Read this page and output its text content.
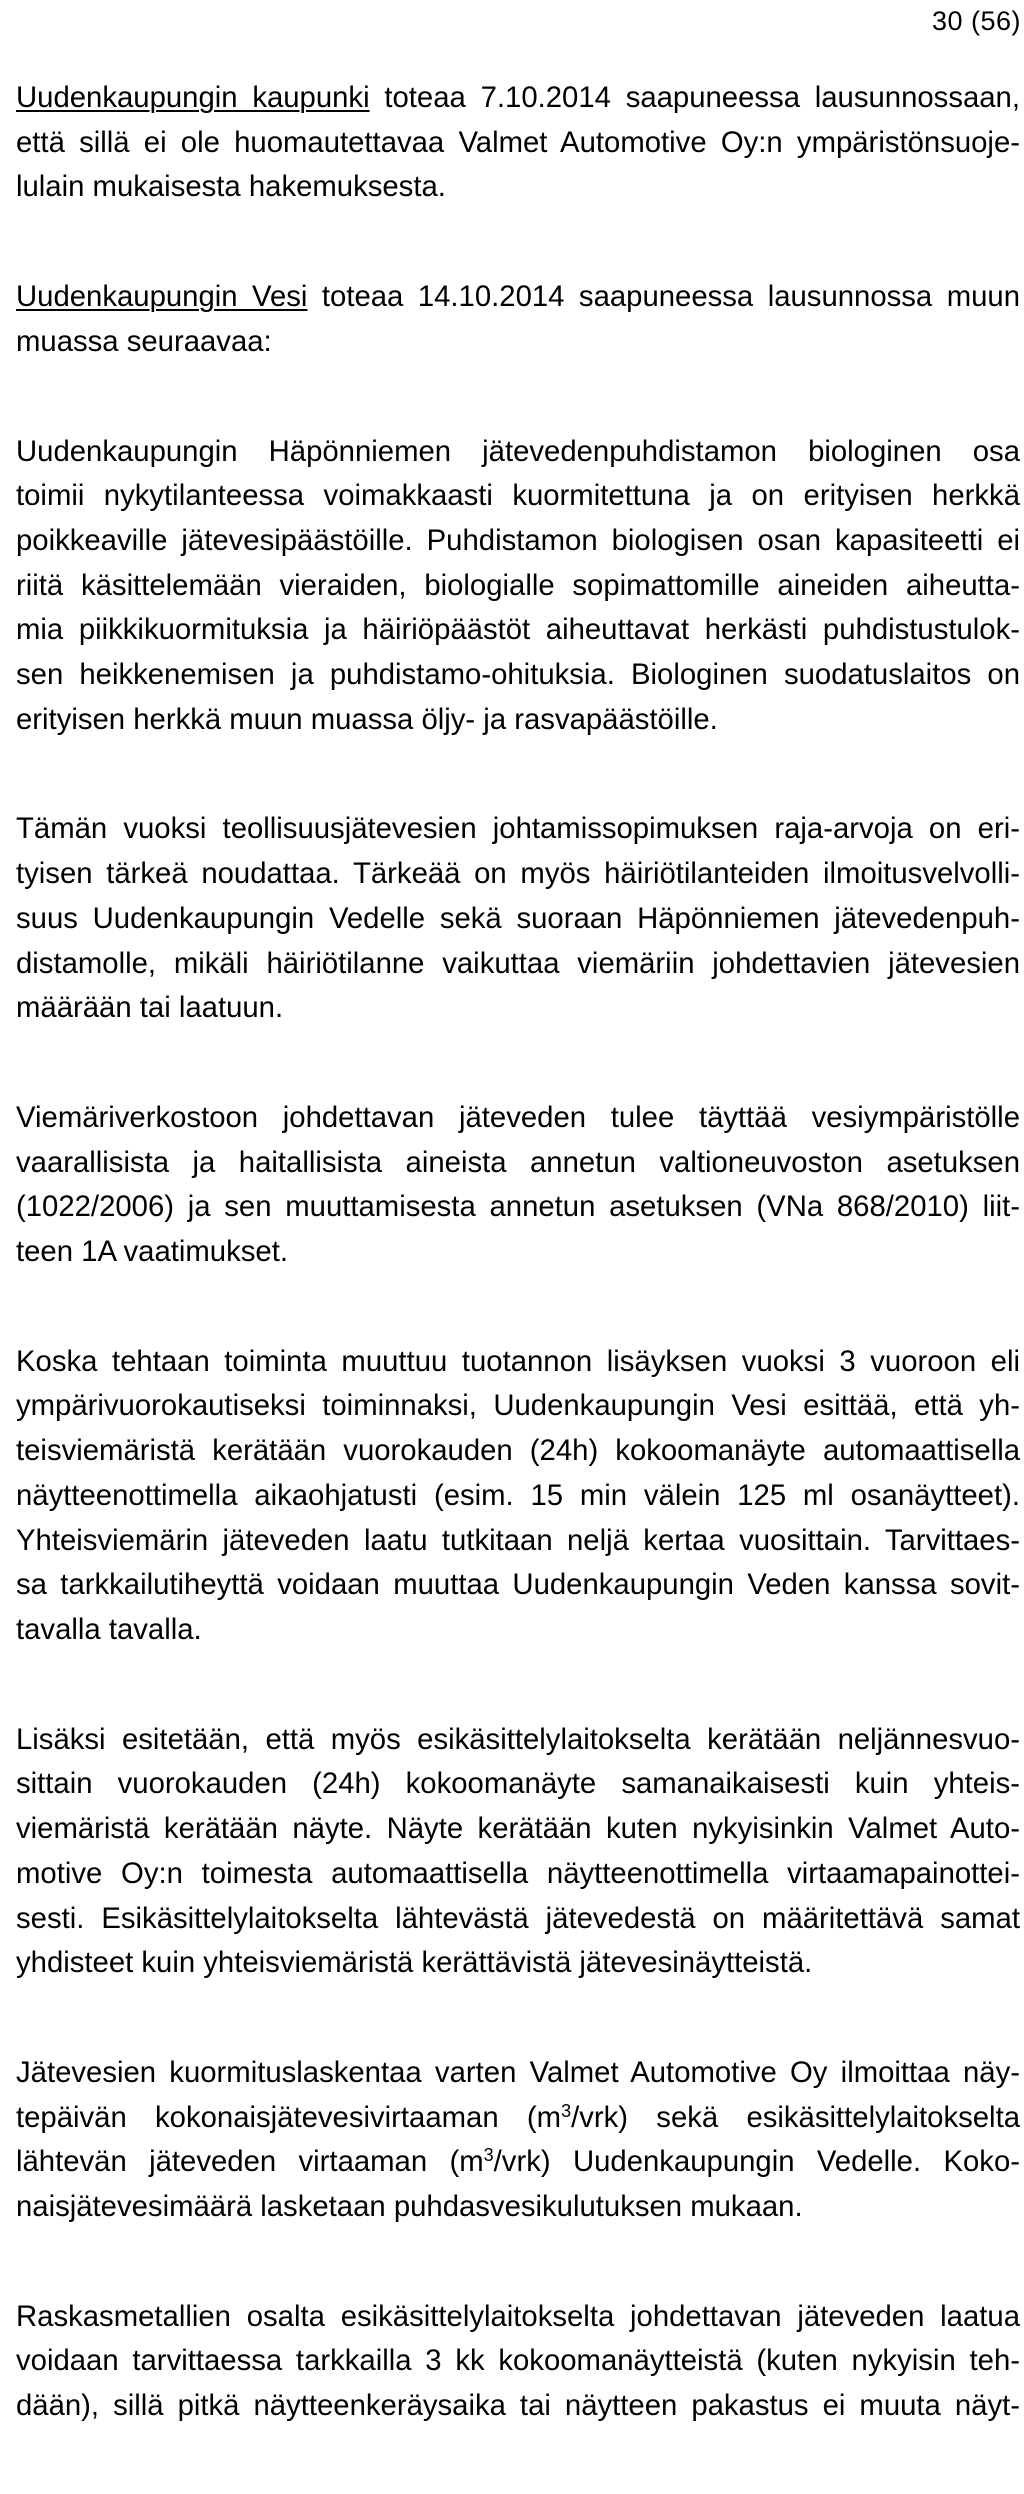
30 (56)
Uudenkaupungin kaupunki toteaa 7.10.2014 saapuneessa lausunnossaan,
että sillä ei ole huomautettavaa Valmet Automotive Oy:n ympäristönsuoje-
lulain mukaisesta hakemuksesta.
Uudenkaupungin Vesi toteaa 14.10.2014 saapuneessa lausunnossa muun
muassa seuraavaa:
Uudenkaupungin Häpönniemen jätevedenpuhdistamon biologinen osa
toimii nykytilanteessa voimakkaasti kuormitettuna ja on erityisen herkkä
poikkeaville jätevesipäästöille. Puhdistamon biologisen osan kapasiteetti ei
riitä käsittelemään vieraiden, biologialle sopimattomille aineiden aiheutta-
mia piikkikuormituksia ja häiriöpäästöt aiheuttavat herkästi puhdistustulok-
sen heikkenemisen ja puhdistamo-ohituksia. Biologinen suodatuslaitos on
erityisen herkkä muun muassa öljy- ja rasvapäästöille.
Tämän vuoksi teollisuusjätevesien johtamissopimuksen raja-arvoja on eri-
tyisen tärkeä noudattaa. Tärkeää on myös häiriötilanteiden ilmoitusvelvolli-
suus Uudenkaupungin Vedelle sekä suoraan Häpönniemen jätevedenpuh-
distamolle, mikäli häiriötilanne vaikuttaa viemäriin johdettavien jätevesien
määrään tai laatuun.
Viemäriverkostoon johdettavan jäteveden tulee täyttää vesiympäristölle
vaarallisista ja haitallisista aineista annetun valtioneuvoston asetuksen
(1022/2006) ja sen muuttamisesta annetun asetuksen (VNa 868/2010) liit-
teen 1A vaatimukset.
Koska tehtaan toiminta muuttuu tuotannon lisäyksen vuoksi 3 vuoroon eli
ympärivuorokautiseksi toiminnaksi, Uudenkaupungin Vesi esittää, että yh-
teisviemäristä kerätään vuorokauden (24h) kokoomanäyte automaattisella
näytteenottimella aikaohjatusti (esim. 15 min välein 125 ml osanäytteet).
Yhteisviemärin jäteveden laatu tutkitaan neljä kertaa vuosittain. Tarvittaes-
sa tarkkailutiheyttä voidaan muuttaa Uudenkaupungin Veden kanssa sovit-
tavalla tavalla.
Lisäksi esitetään, että myös esikäsittelylaitokselta kerätään neljännesvuo-
sittain vuorokauden (24h) kokoomanäyte samanaikaisesti kuin yhteis-
viemäristä kerätään näyte. Näyte kerätään kuten nykyisinkin Valmet Auto-
motive Oy:n toimesta automaattisella näytteenottimella virtaamapainottei-
sesti. Esikäsittelylaitokselta lähtevästä jätevedestä on määritettävä samat
yhdisteet kuin yhteisviemäristä kerättävistä jätevesinäytteistä.
Jätevesien kuormituslaskentaa varten Valmet Automotive Oy ilmoittaa näy-
tepäivän kokonaisjätevesivirtaaman $(m^3/vrk)$ sekä esikäsittelylaitokselta
lähtevän jäteveden virtaaman $(m^3/vrk)$ Uudenkaupungin Vedelle. Koko-
naisjätevesimäärä lasketaan puhdasvesikulutuksen mukaan.
Raskasmetallien osalta esikäsittelylaitokselta johdettavan jäteveden laatua
voidaan tarvittaessa tarkkailla 3 kk kokoomanäytteistä (kuten nykyisin teh-
dään), sillä pitkä näytteenkeräysaika tai näytteen pakastus ei muuta näyt-
